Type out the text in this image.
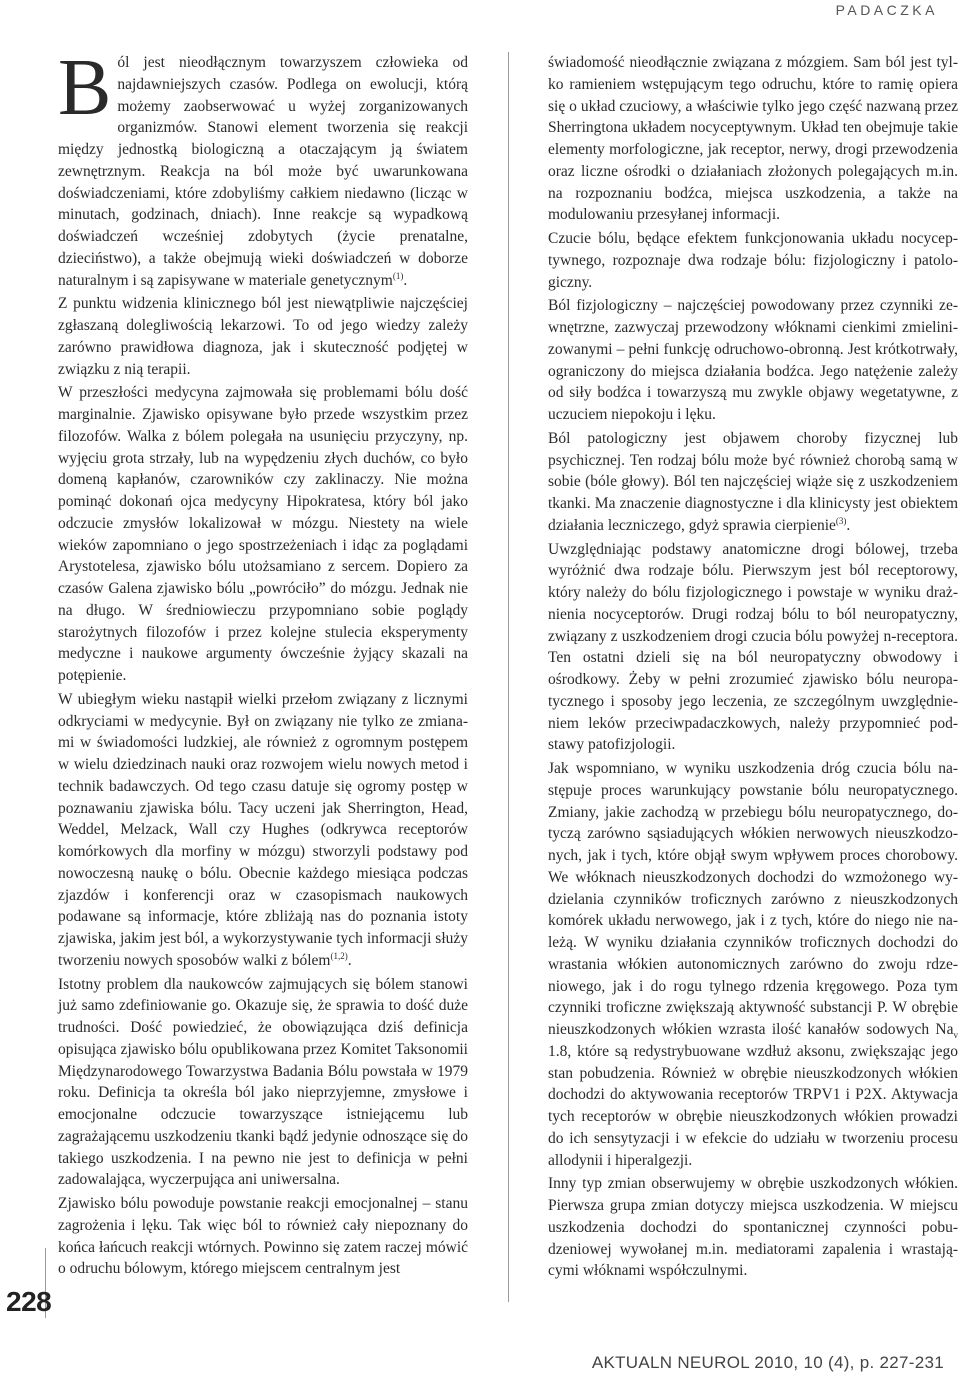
PADACZKA
228

Ból jest nieodłącznym towarzyszem człowieka od najdawniejszych czasów. Podlega on ewolucji, którą możemy zaobserwować u wyżej zorganizowanych organizmów. Stanowi element tworzenia się reakcji między jednostką biologiczną a otaczającym ją światem zewnętrznym. Reakcja na ból może być uwarunkowana doświadczeniami, które zdobyliśmy całkiem niedawno (licząc w minutach, godzinach, dniach). Inne reakcje są wypadkową doświadczeń wcześniej zdobytych (życie prenatalne, dzieciństwo), a także obejmują wieki doświadczeń w doborze naturalnym i są zapisywane w materiale genetycznym$^{(1)}$.

Z punktu widzenia klinicznego ból jest niewątpliwie najczęściej zgłaszaną dolegliwością lekarzowi. To od jego wiedzy zależy zarówno prawidłowa diagnoza, jak i skuteczność podjętej w związku z nią terapii.

W przeszłości medycyna zajmowała się problemami bólu dość marginalnie. Zjawisko opisywane było przede wszystkim przez filozofów. Walka z bólem polegała na usunięciu przyczyny, np. wyjęciu grota strzały, lub na wypędzeniu złych duchów, co było domeną kapłanów, czarowników czy zaklinaczy. Nie można pominąć dokonań ojca medycyny Hipokratesa, który ból jako odczucie zmysłów lokalizował w mózgu. Niestety na wiele wieków zapomniano o jego spostrzeżeniach i idąc za poglądami Arystotelesa, zjawisko bólu utożsamiano z sercem. Dopiero za czasów Galena zjawisko bólu „powróciło” do mózgu. Jednak nie na długo. W średniowieczu przypomniano sobie poglądy starożytnych filozofów i przez kolejne stulecia eksperymenty medyczne i naukowe argumenty ówcześnie żyjący skazali na potępienie.

W ubiegłym wieku nastąpił wielki przełom związany z licznymi odkryciami w medycynie. Był on związany nie tylko ze zmianami w świadomości ludzkiej, ale również z ogromnym postępem w wielu dziedzinach nauki oraz rozwojem wielu nowych metod i technik badawczych. Od tego czasu datuje się ogromy postęp w poznawaniu zjawiska bólu. Tacy uczeni jak Sherrington, Head, Weddel, Melzack, Wall czy Hughes (odkrywca receptorów komórkowych dla morfiny w mózgu) stworzyli podstawy pod nowoczesną naukę o bólu. Obecnie każdego miesiąca podczas zjazdów i konferencji oraz w czasopismach naukowych podawane są informacje, które zbliżają nas do poznania istoty zjawiska, jakim jest ból, a wykorzystywanie tych informacji służy tworzeniu nowych sposobów walki z bólem$^{(1,2)}$.

Istotny problem dla naukowców zajmujących się bólem stanowi już samo zdefiniowanie go. Okazuje się, że sprawia to dość duże trudności. Dość powiedzieć, że obowiązująca dziś definicja opisująca zjawisko bólu opublikowana przez Komitet Taksonomii Międzynarodowego Towarzystwa Badania Bólu powstała w 1979 roku. Definicja ta określa ból jako nieprzyjemne, zmysłowe i emocjonalne odczucie towarzyszące istniejącemu lub zagrażającemu uszkodzeniu tkanki bądź jedynie odnoszące się do takiego uszkodzenia. I na pewno nie jest to definicja w pełni zadowalająca, wyczerpująca ani uniwersalna.

Zjawisko bólu powoduje powstanie reakcji emocjonalnej – stanu zagrożenia i lęku. Tak więc ból to również cały niepoznany do końca łańcuch reakcji wtórnych. Powinno się zatem raczej mówić o odruchu bólowym, którego miejscem centralnym jest

świadomość nieodłącznie związana z mózgiem. Sam ból jest tylko ramieniem wstępującym tego odruchu, które to ramię opiera się o układ czuciowy, a właściwie tylko jego część nazwaną przez Sherringtona układem nocyceptywnym. Układ ten obejmuje takie elementy morfologiczne, jak receptor, nerwy, drogi przewodzenia oraz liczne ośrodki o działaniach złożonych polegających m.in. na rozpoznaniu bodźca, miejsca uszkodzenia, a także na modulowaniu przesyłanej informacji.

Czucie bólu, będące efektem funkcjonowania układu nocyceptywnego, rozpoznaje dwa rodzaje bólu: fizjologiczny i patologiczny.

Ból fizjologiczny – najczęściej powodowany przez czynniki zewnętrzne, zazwyczaj przewodzony włóknami cienkimi zmielinizowanymi – pełni funkcję odruchowo-obronną. Jest krótkotrwały, ograniczony do miejsca działania bodźca. Jego natężenie zależy od siły bodźca i towarzyszą mu zwykle objawy wegetatywne, z uczuciem niepokoju i lęku.

Ból patologiczny jest objawem choroby fizycznej lub psychicznej. Ten rodzaj bólu może być również chorobą samą w sobie (bóle głowy). Ból ten najczęściej wiąże się z uszkodzeniem tkanki. Ma znaczenie diagnostyczne i dla klinicysty jest obiektem działania leczniczego, gdyż sprawia cierpienie$^{(3)}$.

Uwzględniając podstawy anatomiczne drogi bólowej, trzeba wyróżnić dwa rodzaje bólu. Pierwszym jest ból receptorowy, który należy do bólu fizjologicznego i powstaje w wyniku drażnienia nocyceptorów. Drugi rodzaj bólu to ból neuropatyczny, związany z uszkodzeniem drogi czucia bólu powyżej n-receptora. Ten ostatni dzieli się na ból neuropatyczny obwodowy i ośrodkowy. Żeby w pełni zrozumieć zjawisko bólu neuropatycznego i sposoby jego leczenia, ze szczególnym uwzględnieniem leków przeciwpadaczkowych, należy przypomnieć podstawy patofizjologii.

Jak wspomniano, w wyniku uszkodzenia dróg czucia bólu następuje proces warunkujący powstanie bólu neuropatycznego. Zmiany, jakie zachodzą w przebiegu bólu neuropatycznego, dotyczą zarówno sąsiadujących włókien nerwowych nieuszkodzonych, jak i tych, które objął swym wpływem proces chorobowy. We włóknach nieuszkodzonych dochodzi do wzmożonego wydzielania czynników troficznych zarówno z nieuszkodzonych komórek układu nerwowego, jak i z tych, które do niego nie należą. W wyniku działania czynników troficznych dochodzi do wrastania włókien autonomicznych zarówno do zwoju rdzeniowego, jak i do rogu tylnego rdzenia kręgowego. Poza tym czynniki troficzne zwiększają aktywność substancji P. W obrębie nieuszkodzonych włókien wzrasta ilość kanałów sodowych $Na_v$ 1.8, które są redystrybuowane wzdłuż aksonu, zwiększając jego stan pobudzenia. Również w obrębie nieuszkodzonych włókien dochodzi do aktywowania receptorów TRPV1 i P2X. Aktywacja tych receptorów w obrębie nieuszkodzonych włókien prowadzi do ich sensytyzacji i w efekcie do udziału w tworzeniu procesu allodynii i hiperalgezji.

Inny typ zmian obserwujemy w obrębie uszkodzonych włókien. Pierwsza grupa zmian dotyczy miejsca uszkodzenia. W miejscu uszkodzenia dochodzi do spontanicznej czynności pobudzeniowej wywołanej m.in. mediatorami zapalenia i wrastającymi włóknami współczulnymi.

AKTUALN NEUROL 2010, 10 (4), p. 227-231
